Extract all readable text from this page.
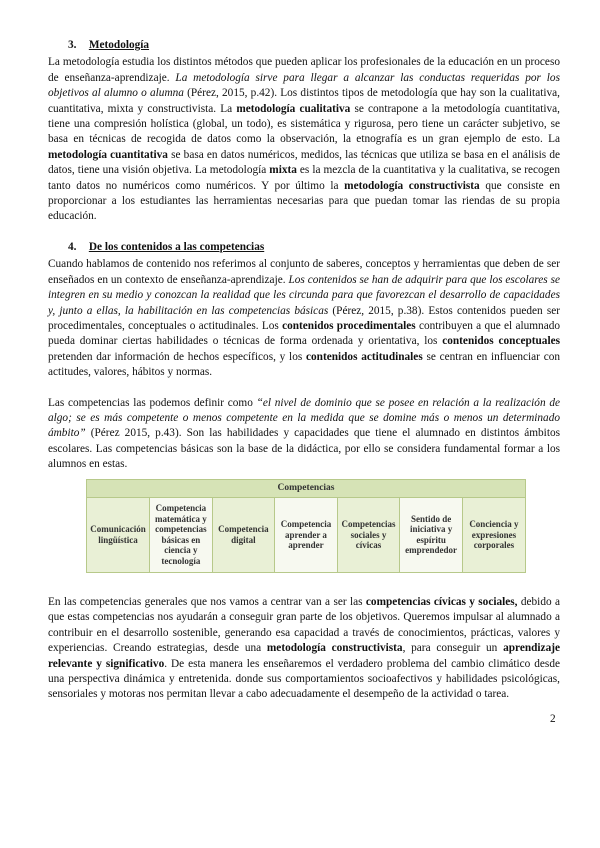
3. Metodología

La metodología estudia los distintos métodos que pueden aplicar los profesionales de la educación en un proceso de enseñanza-aprendizaje. La metodología sirve para llegar a alcanzar las conductas requeridas por los objetivos al alumno o alumna (Pérez, 2015, p.42). Los distintos tipos de metodología que hay son la cualitativa, cuantitativa, mixta y constructivista. La metodología cualitativa se contrapone a la metodología cuantitativa, tiene una compresión holística (global, un todo), es sistemática y rigurosa, pero tiene un carácter subjetivo, se basa en técnicas de recogida de datos como la observación, la etnografía es un gran ejemplo de esto. La metodología cuantitativa se basa en datos numéricos, medidos, las técnicas que utiliza se basa en el análisis de datos, tiene una visión objetiva. La metodología mixta es la mezcla de la cuantitativa y la cualitativa, se recogen tanto datos no numéricos como numéricos. Y por último la metodología constructivista que consiste en proporcionar a los estudiantes las herramientas necesarias para que puedan tomar las riendas de su propia educación.

4. De los contenidos a las competencias

Cuando hablamos de contenido nos referimos al conjunto de saberes, conceptos y herramientas que deben de ser enseñados en un contexto de enseñanza-aprendizaje. Los contenidos se han de adquirir para que los escolares se integren en su medio y conozcan la realidad que les circunda para que favorezcan el desarrollo de capacidades y, junto a ellas, la habilitación en las competencias básicas (Pérez, 2015, p.38). Estos contenidos pueden ser procedimentales, conceptuales o actitudinales. Los contenidos procedimentales contribuyen a que el alumnado pueda dominar ciertas habilidades o técnicas de forma ordenada y orientativa, los contenidos conceptuales pretenden dar información de hechos específicos, y los contenidos actitudinales se centran en influenciar con actitudes, valores, hábitos y normas.

Las competencias las podemos definir como “el nivel de dominio que se posee en relación a la realización de algo; se es más competente o menos competente en la medida que se domine más o menos un determinado ámbito” (Pérez 2015, p.43). Son las habilidades y capacidades que tiene el alumnado en distintos ámbitos escolares. Las competencias básicas son la base de la didáctica, por ello se considera fundamental formar a los alumnos en estas.

Competencias
Comunicación lingüística	Competencia matemática y competencias básicas en ciencia y tecnología	Competencia digital	Competencia aprender a aprender	Competencias sociales y cívicas	Sentido de iniciativa y espíritu emprendedor	Conciencia y expresiones corporales

En las competencias generales que nos vamos a centrar van a ser las competencias cívicas y sociales, debido a que estas competencias nos ayudarán a conseguir gran parte de los objetivos. Queremos impulsar al alumnado a contribuir en el desarrollo sostenible, generando esa capacidad a través de conocimientos, prácticas, valores y experiencias. Creando estrategias, desde una metodología constructivista, para conseguir un aprendizaje relevante y significativo. De esta manera les enseñaremos el verdadero problema del cambio climático desde una perspectiva dinámica y entretenida. donde sus comportamientos socioafectivos y habilidades psicológicas, sensoriales y motoras nos permitan llevar a cabo adecuadamente el desempeño de la actividad o tarea.

2
